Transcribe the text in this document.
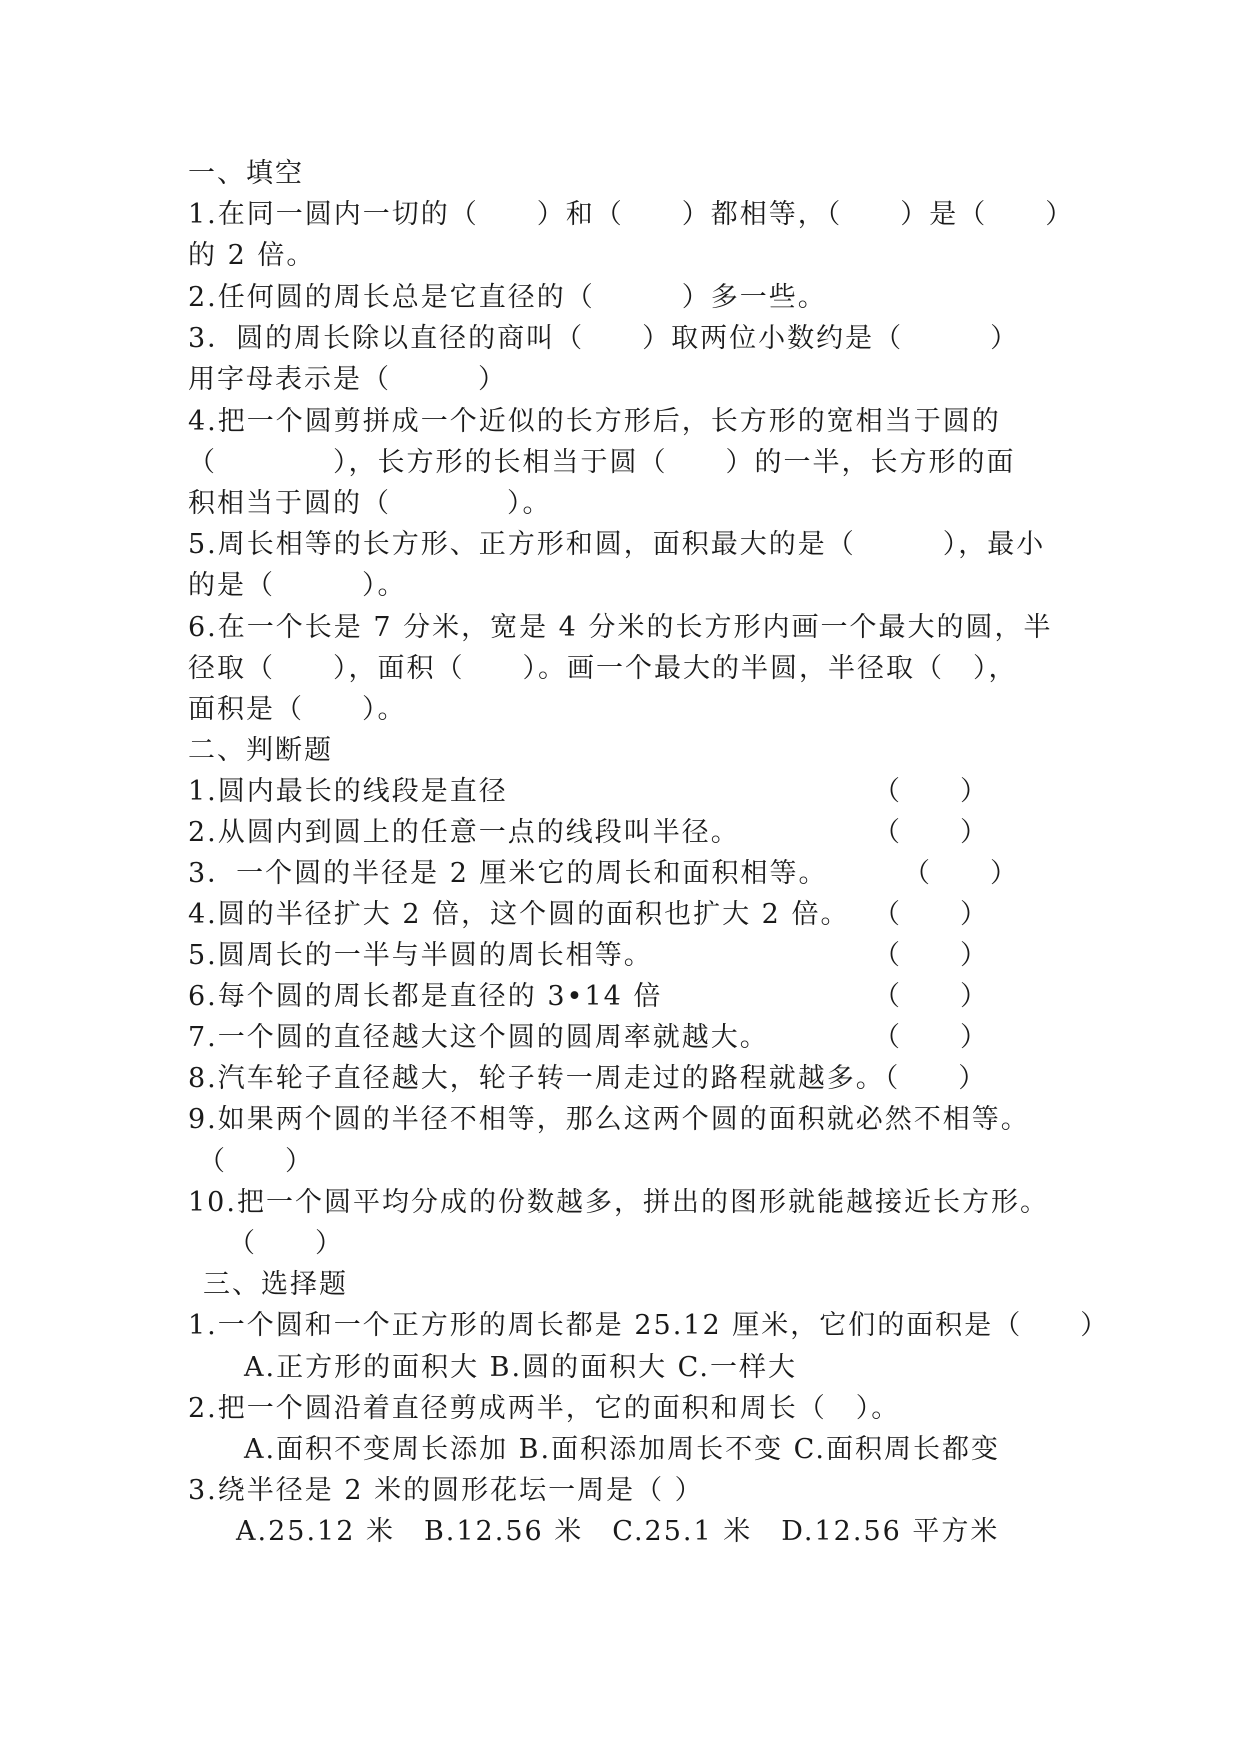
一、填空
1.在同一圆内一切的（　　）和（　　）都相等，（　　）是（　　）
的 2 倍。
2.任何圆的周长总是它直径的（　　　）多一些。
3．圆的周长除以直径的商叫（　　）取两位小数约是（　　　）
用字母表示是（　　　）
4.把一个圆剪拼成一个近似的长方形后，长方形的宽相当于圆的
（　　　　），长方形的长相当于圆（　　）的一半，长方形的面
积相当于圆的（　　　　）。
5.周长相等的长方形、正方形和圆，面积最大的是（　　　），最小
的是（　　　）。
6.在一个长是 7 分米，宽是 4 分米的长方形内画一个最大的圆，半
径取（　　），面积（　　）。画一个最大的半圆，半径取（　），
面积是（　　）。
二、判断题
1.圆内最长的线段是直径	（　　）
2.从圆内到圆上的任意一点的线段叫半径。	（　　）
3．一个圆的半径是 2 厘米它的周长和面积相等。	（　　）
4.圆的半径扩大 2 倍，这个圆的面积也扩大 2 倍。 （　　）
5.圆周长的一半与半圆的周长相等。	（　　）
6.每个圆的周长都是直径的 3•14 倍	（　　）
7.一个圆的直径越大这个圆的圆周率就越大。	（　　）
8.汽车轮子直径越大，轮子转一周走过的路程就越多。（　　）
9.如果两个圆的半径不相等，那么这两个圆的面积就必然不相等。
（　　）
10.把一个圆平均分成的份数越多，拼出的图形就能越接近长方形。
（　　）
三、选择题
1.一个圆和一个正方形的周长都是 25.12 厘米，它们的面积是（　　）
A.正方形的面积大 B.圆的面积大 C.一样大
2.把一个圆沿着直径剪成两半，它的面积和周长（　）。
A.面积不变周长添加 B.面积添加周长不变 C.面积周长都变
3.绕半径是 2 米的圆形花坛一周是（ ）
A.25.12 米　B.12.56 米　C.25.1 米　D.12.56 平方米
